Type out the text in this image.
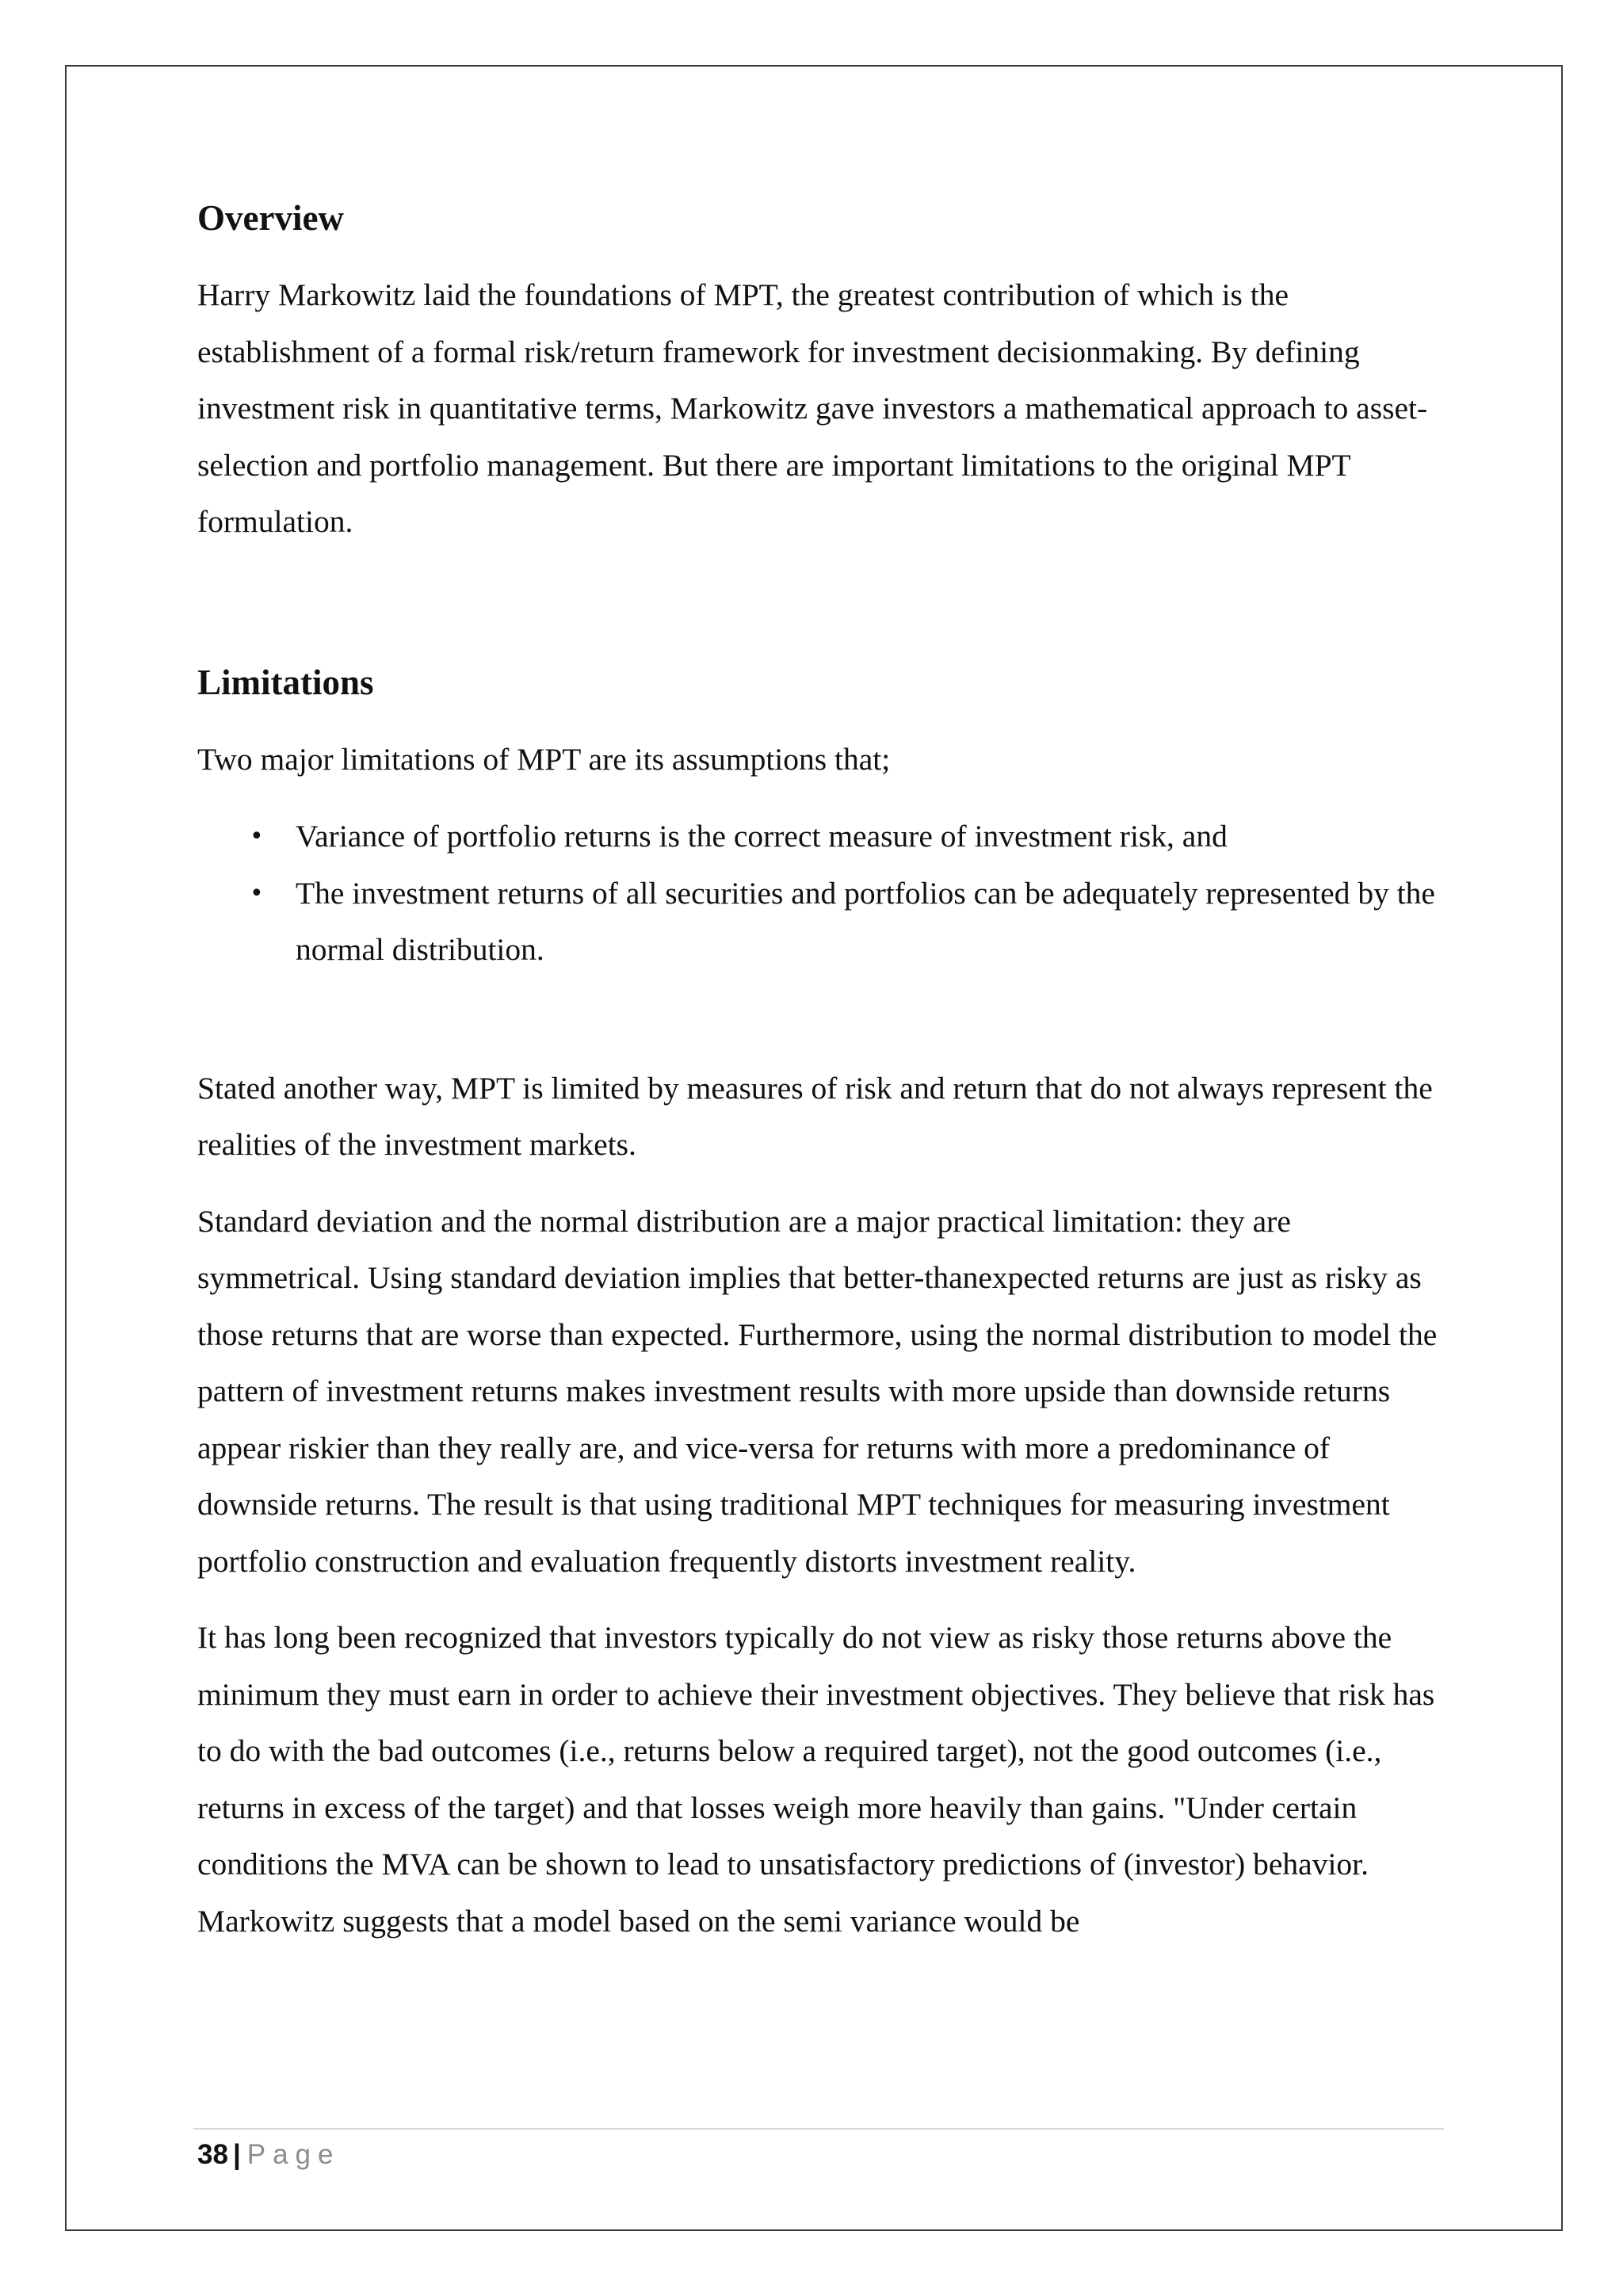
Overview

Harry Markowitz laid the foundations of MPT, the greatest contribution of which is the establishment of a formal risk/return framework for investment decisionmaking. By defining investment risk in quantitative terms, Markowitz gave investors a mathematical approach to asset-selection and portfolio management. But there are important limitations to the original MPT formulation.

Limitations

Two major limitations of MPT are its assumptions that;

• Variance of portfolio returns is the correct measure of investment risk, and
• The investment returns of all securities and portfolios can be adequately represented by the normal distribution.

Stated another way, MPT is limited by measures of risk and return that do not always represent the realities of the investment markets.

Standard deviation and the normal distribution are a major practical limitation: they are symmetrical. Using standard deviation implies that better-thanexpected returns are just as risky as those returns that are worse than expected. Furthermore, using the normal distribution to model the pattern of investment returns makes investment results with more upside than downside returns appear riskier than they really are, and vice-versa for returns with more a predominance of downside returns. The result is that using traditional MPT techniques for measuring investment portfolio construction and evaluation frequently distorts investment reality.

It has long been recognized that investors typically do not view as risky those returns above the minimum they must earn in order to achieve their investment objectives. They believe that risk has to do with the bad outcomes (i.e., returns below a required target), not the good outcomes (i.e., returns in excess of the target) and that losses weigh more heavily than gains. "Under certain conditions the MVA can be shown to lead to unsatisfactory predictions of (investor) behavior. Markowitz suggests that a model based on the semi variance would be

38 | Page
